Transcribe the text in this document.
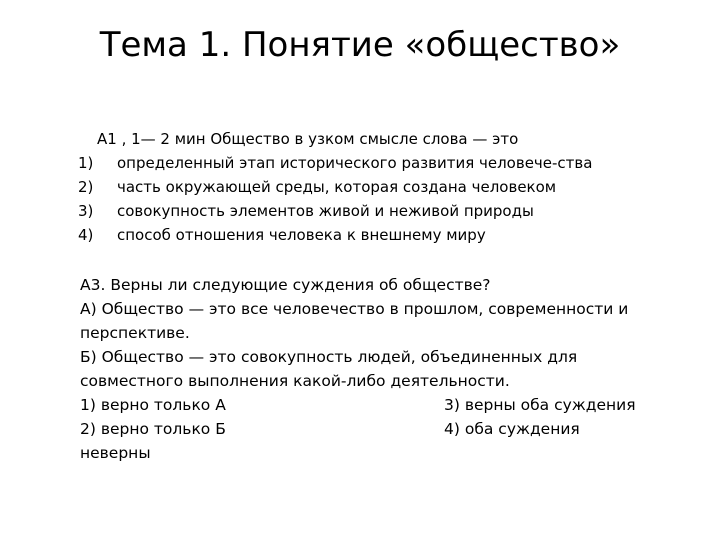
Тема 1. Понятие «общество»
А1 , 1— 2 мин Общество в узком смысле слова — это
1)	определенный этап исторического развития человече-ства
2)	часть окружающей среды, которая создана человеком
3)	совокупность элементов живой и неживой природы
4)	способ отношения человека к внешнему миру
А3. Верны ли следующие суждения об обществе?
А) Общество — это все человечество в прошлом, современности и
перспективе.
Б) Общество — это совокупность людей, объединенных для
совместного выполнения какой-либо деятельности.
1) верно только А	3) верны оба суждения
2) верно только Б	4) оба суждения
неверны
